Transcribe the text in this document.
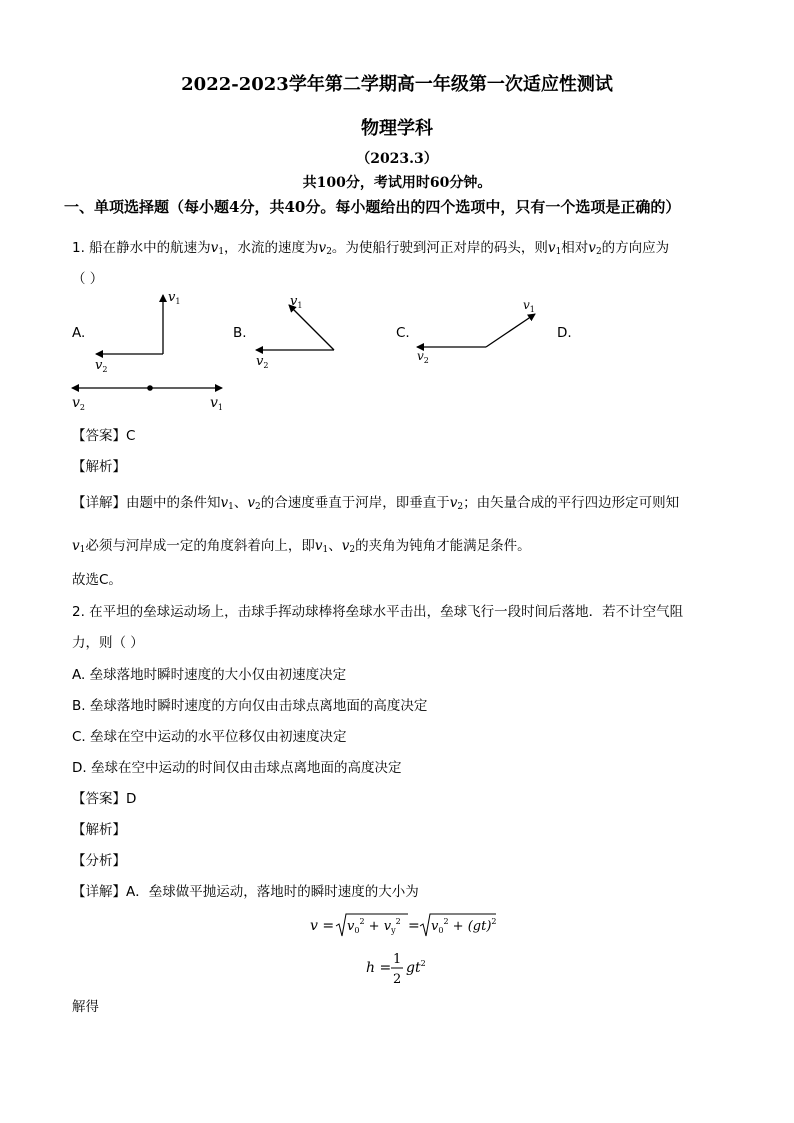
2022-2023学年第二学期高一年级第一次适应性测试
物理学科
（2023.3）
共100分，考试用时60分钟。
一、单项选择题（每小题4分，共40分。每小题给出的四个选项中，只有一个选项是正确的）
1. 船在静水中的航速为v1，水流的速度为v2。为使船行驶到河正对岸的码头，则v1相对v2的方向应为
（ ）
A.	B.	C.	D.
$v_1$
$v_2$
$v_1$
$v_2$
$v_1$
$v_2$
$v_2$	$v_1$
【答案】C
【解析】
【详解】由题中的条件知v1、v2的合速度垂直于河岸，即垂直于v2；由矢量合成的平行四边形定可则知
v1必须与河岸成一定的角度斜着向上，即v1、v2的夹角为钝角才能满足条件。
故选C。
2. 在平坦的垒球运动场上，击球手挥动球棒将垒球水平击出，垒球飞行一段时间后落地．若不计空气阻
力，则（ ）
A. 垒球落地时瞬时速度的大小仅由初速度决定
B. 垒球落地时瞬时速度的方向仅由击球点离地面的高度决定
C. 垒球在空中运动的水平位移仅由初速度决定
D. 垒球在空中运动的时间仅由击球点离地面的高度决定
【答案】D
【解析】
【分析】
【详解】A．垒球做平抛运动，落地时的瞬时速度的大小为
$v = v_0^2 + v_y^2 = v_0^2 + (gt)^2$
h =
1
2
$gt^2$
解得
